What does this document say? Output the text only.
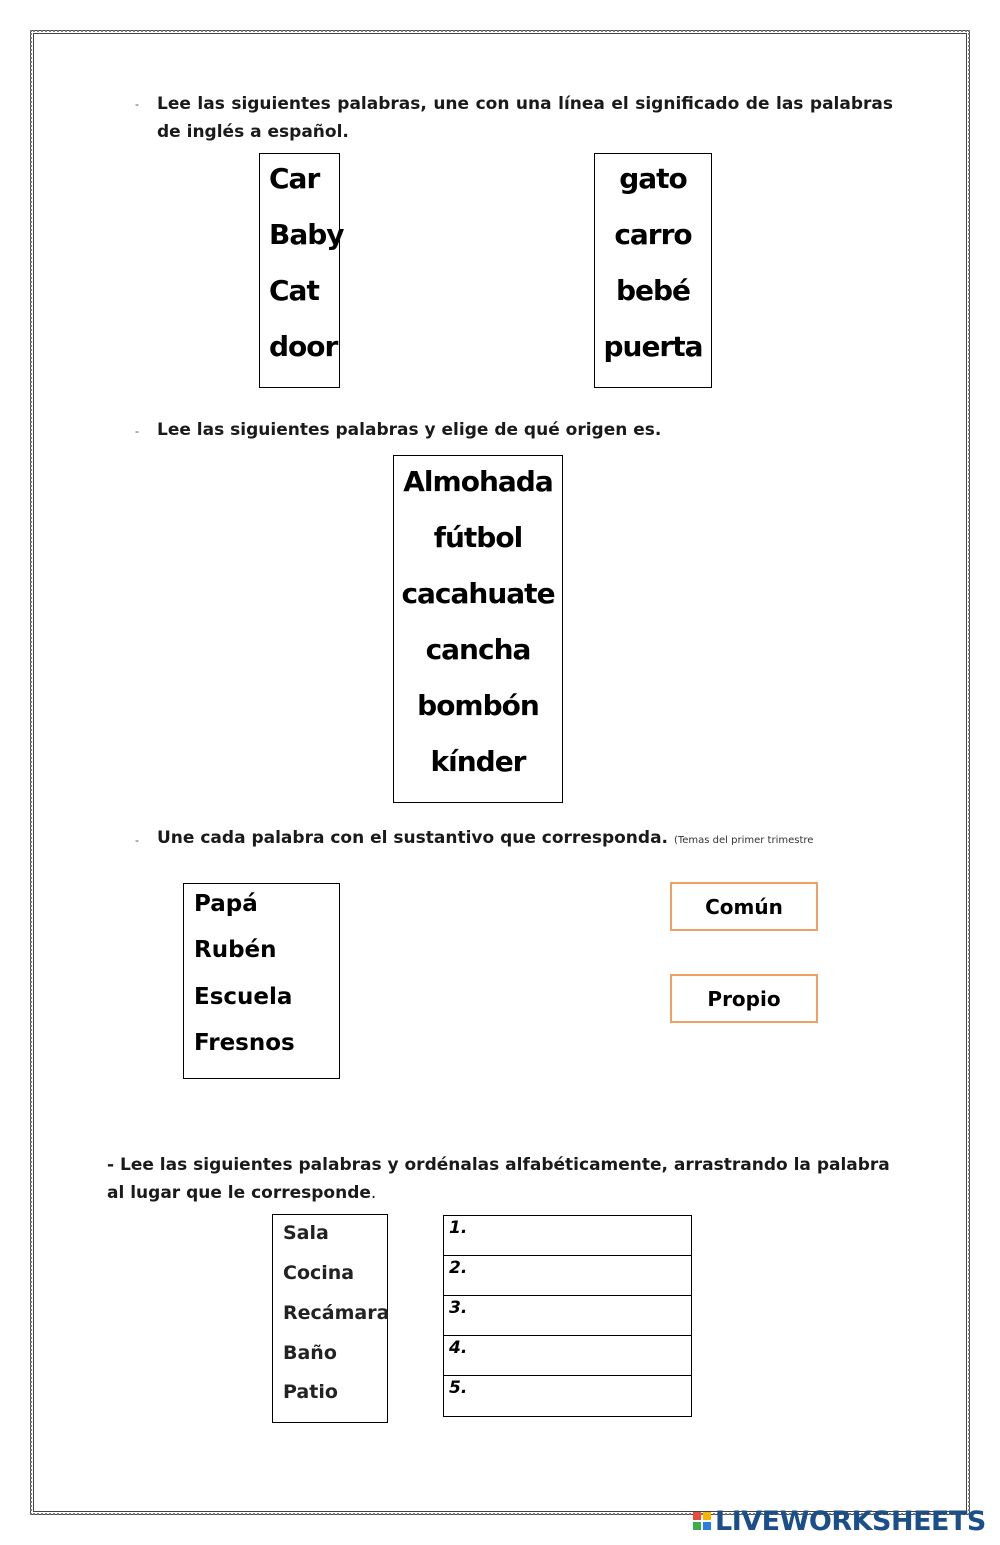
- Lee las siguientes palabras, une con una línea el significado de las palabras de inglés a español.
Car
Baby
Cat
door
gato
carro
bebé
puerta
- Lee las siguientes palabras y elige de qué origen es.
Almohada
fútbol
cacahuate
cancha
bombón
kínder
- Une cada palabra con el sustantivo que corresponda. (Temas del primer trimestre
Papá
Rubén
Escuela
Fresnos
Común
Propio
- Lee las siguientes palabras y ordénalas alfabéticamente, arrastrando la palabra al lugar que le corresponde.
Sala
Cocina
Recámara
Baño
Patio
1.
2.
3.
4.
5.
LIVEWORKSHEETS
